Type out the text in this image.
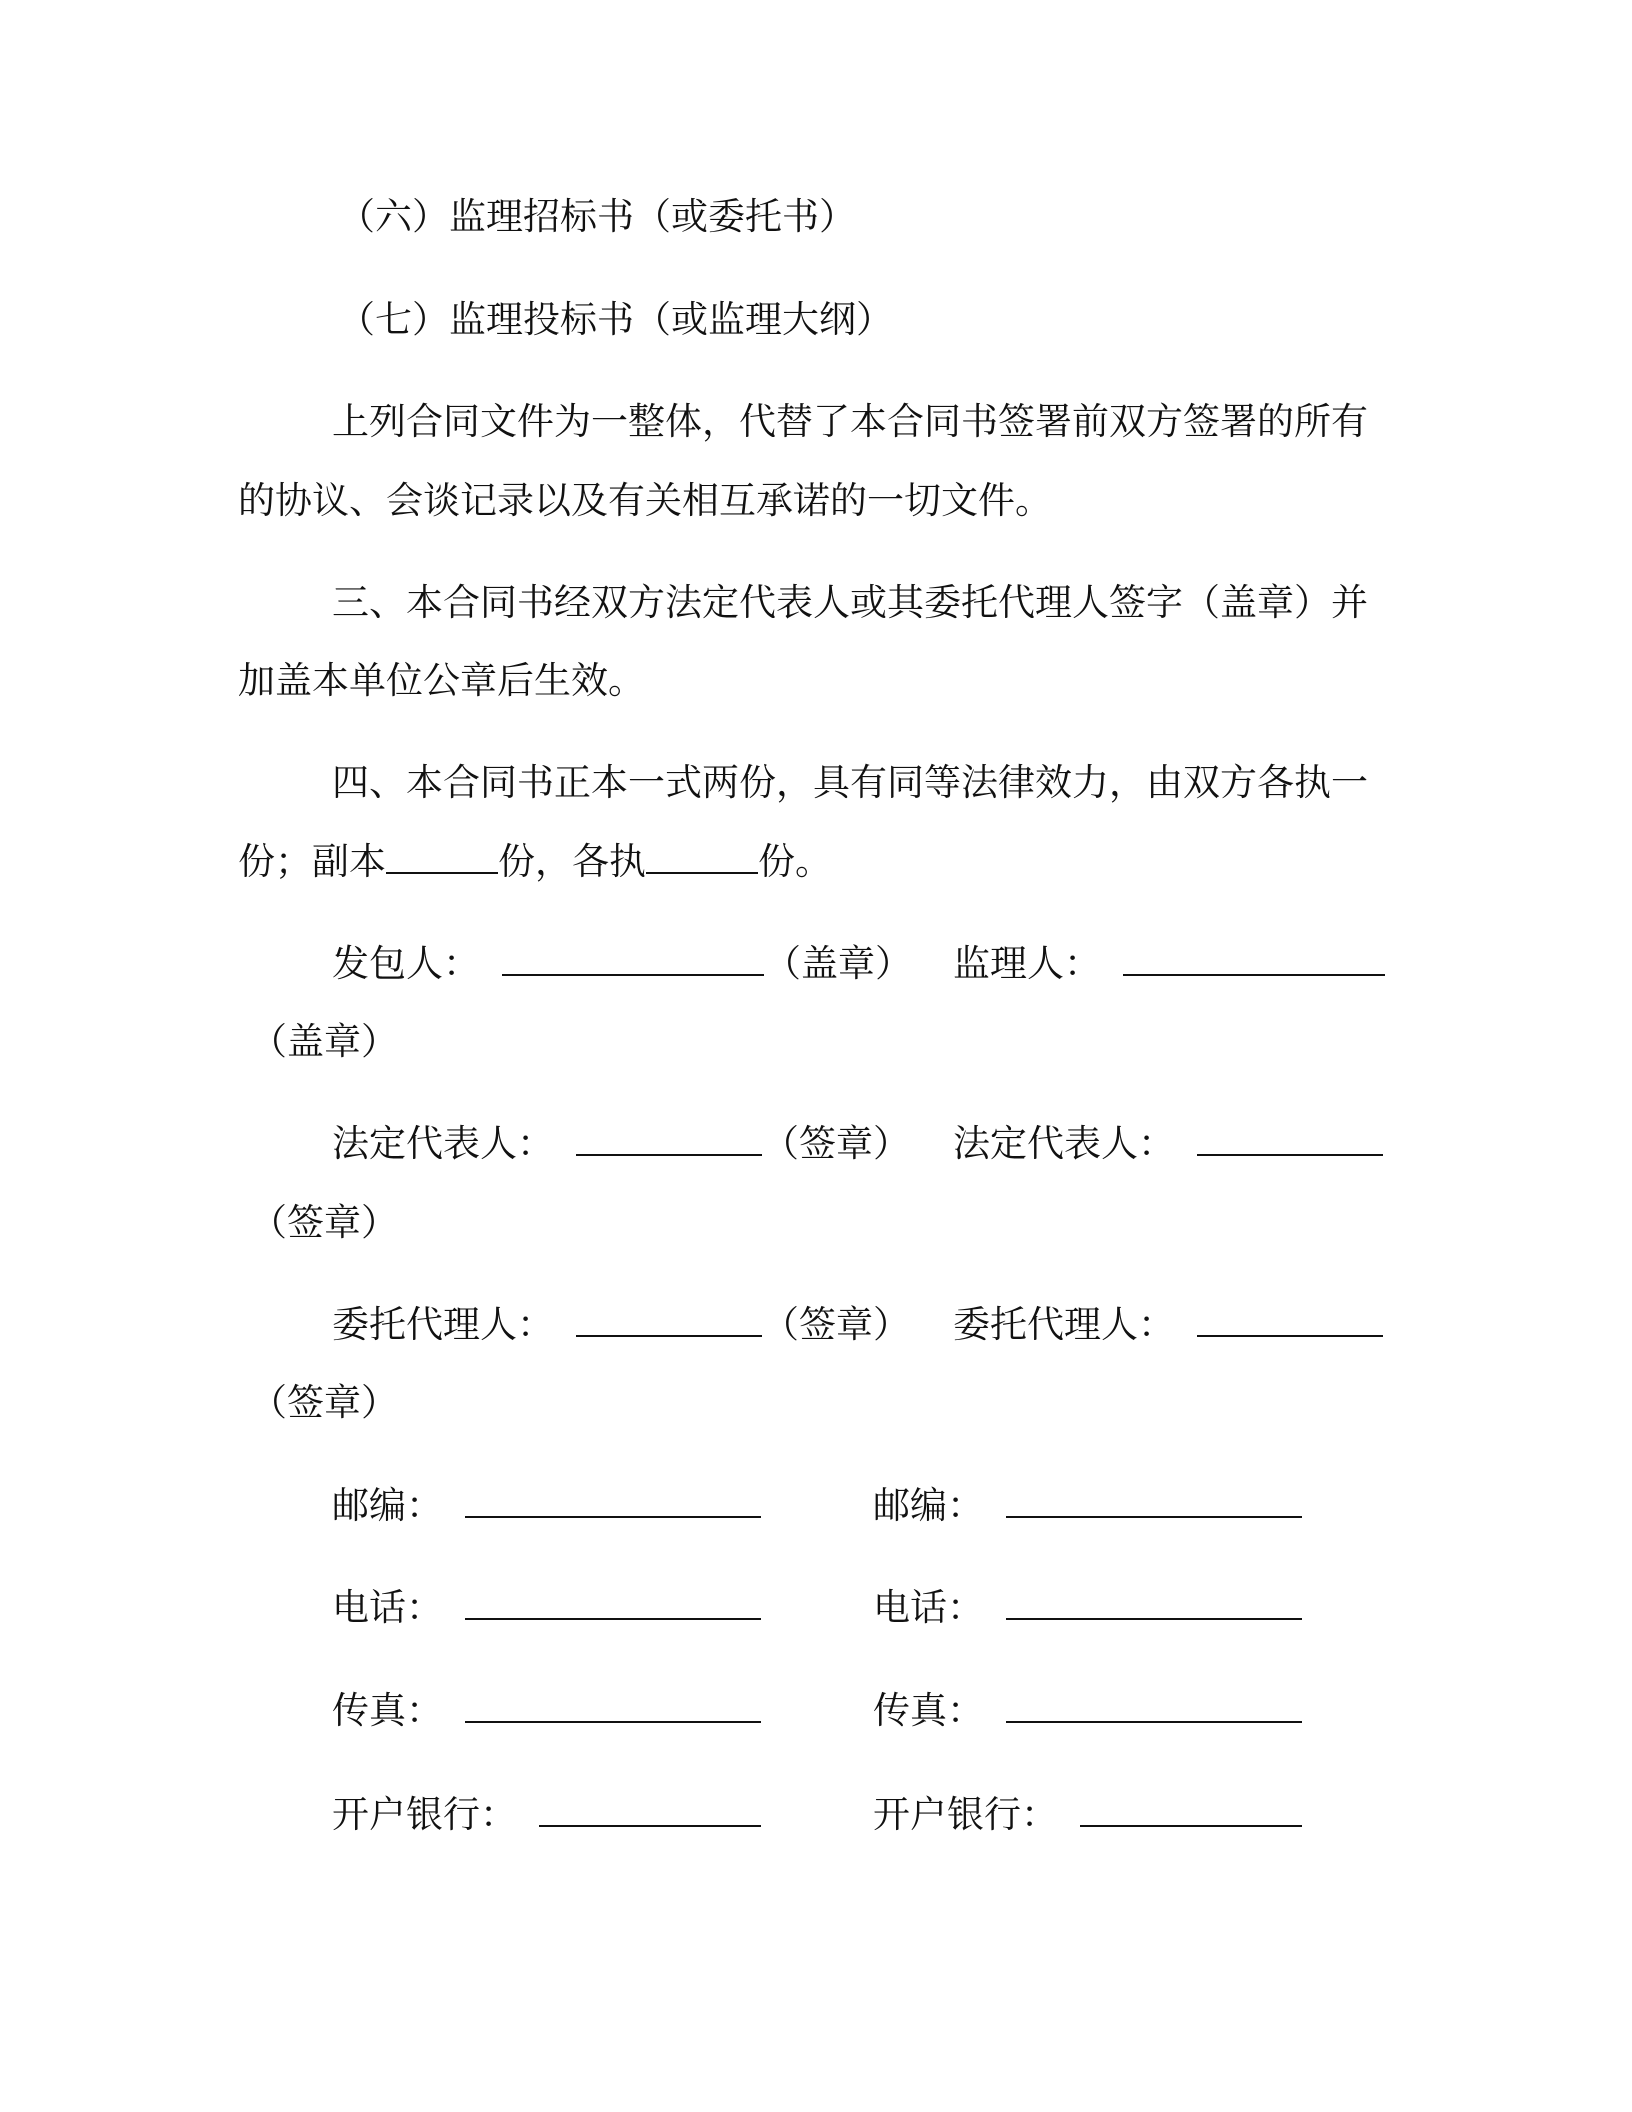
（六）监理招标书（或委托书）
（七）监理投标书（或监理大纲）
上列合同文件为一整体，代替了本合同书签署前双方签署的所有
的协议、会谈记录以及有关相互承诺的一切文件。
三、本合同书经双方法定代表人或其委托代理人签字（盖章）并
加盖本单位公章后生效。
四、本合同书正本一式两份，具有同等法律效力，由双方各执一
份；副本	份，各执	份。
发包人：	（盖章） 监理人：
（盖章）
法定代表人：	（签章） 法定代表人：
（签章）
委托代理人：	（签章） 委托代理人：
（签章）
邮编：	邮编：
电话：	电话：
传真：	传真：
开户银行：	开户银行：
